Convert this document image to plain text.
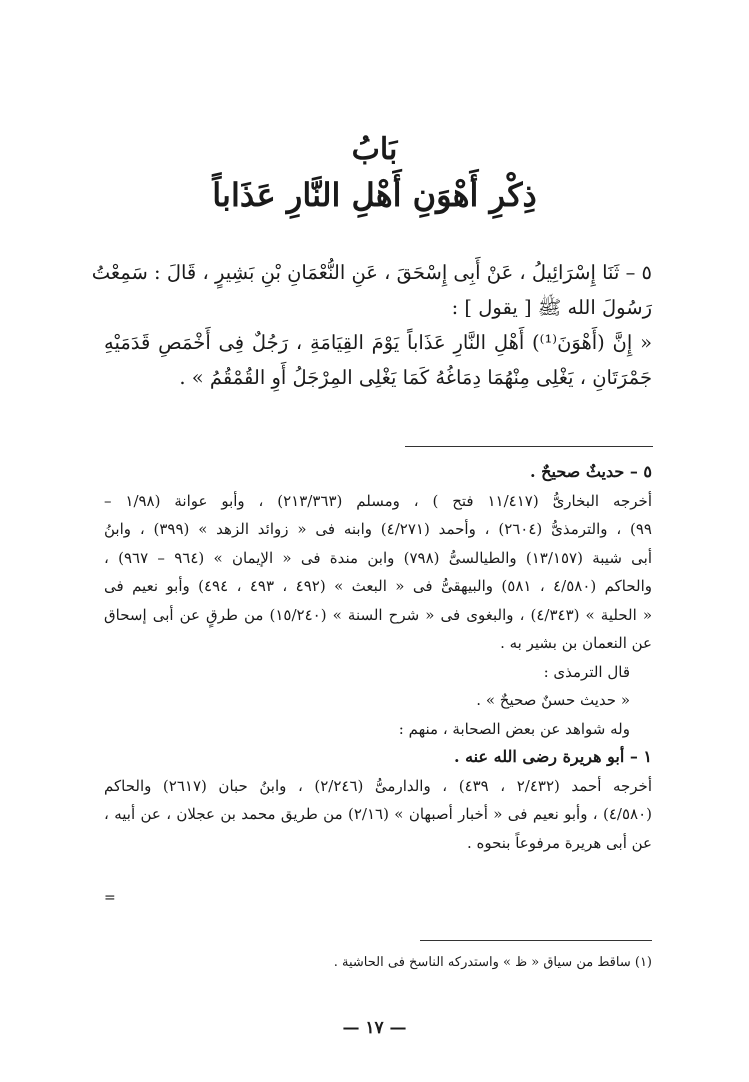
بَابُ
ذِكْرِ أَهْوَنِ أَهْلِ النَّارِ عَذَاباً

٥ – ثَنَا إِسْرَائِيلُ ، عَنْ أَبِى إِسْحَقَ ، عَنِ النُّعْمَانِ بْنِ بَشِيرٍ ، قَالَ : سَمِعْتُ

رَسُولَ الله ﷺ [ يقول ] :

« إِنَّ (أَهْوَنَ⁽¹⁾) أَهْلِ النَّارِ عَذَاباً يَوْمَ القِيَامَةِ ، رَجُلٌ فِى أَخْمَصِ قَدَمَيْهِ

جَمْرَتَانِ ، يَغْلِى مِنْهُمَا دِمَاغُهُ كَمَا يَغْلِى المِرْجَلُ أَوِ القُمْقُمُ » .

٥ – حديثٌ صحيحٌ .

أخرجه البخارىُّ (١١/٤١٧ فتح ) ، ومسلم (٢١٣/٣٦٣) ، وأبو عوانة (١/٩٨ –

٩٩) ، والترمذىُّ (٢٦٠٤) ، وأحمد (٤/٢٧١) وابنه فى « زوائد الزهد » (٣٩٩) ، وابنُ

أبى شيبة (١٣/١٥٧) والطيالسىُّ (٧٩٨) وابن مندة فى « الإيمان » (٩٦٤ – ٩٦٧) ،

والحاكم (٤/٥٨٠ ، ٥٨١) والبيهقىُّ فى « البعث » (٤٩٢ ، ٤٩٣ ، ٤٩٤) وأبو نعيم فى

« الحلية » (٤/٣٤٣) ، والبغوى فى « شرح السنة » (١٥/٢٤٠) من طرقٍ عن أبى إسحاق

عن النعمان بن بشير به .

قال الترمذى :

« حديث حسنٌ صحيحٌ » .

وله شواهد عن بعض الصحابة ، منهم :

١ – أبو هريرة رضى الله عنه .

أخرجه أحمد (٢/٤٣٢ ، ٤٣٩) ، والدارمىُّ (٢/٢٤٦) ، وابنُ حبان (٢٦١٧) والحاكم

(٤/٥٨٠) ، وأبو نعيم فى « أخبار أصبهان » (٢/١٦) من طريق محمد بن عجلان ، عن أبيه ،

عن أبى هريرة مرفوعاً بنحوه .

=
(١) ساقط من سياق « ظ » واستدركه الناسخ فى الحاشية .
— ١٧ —
